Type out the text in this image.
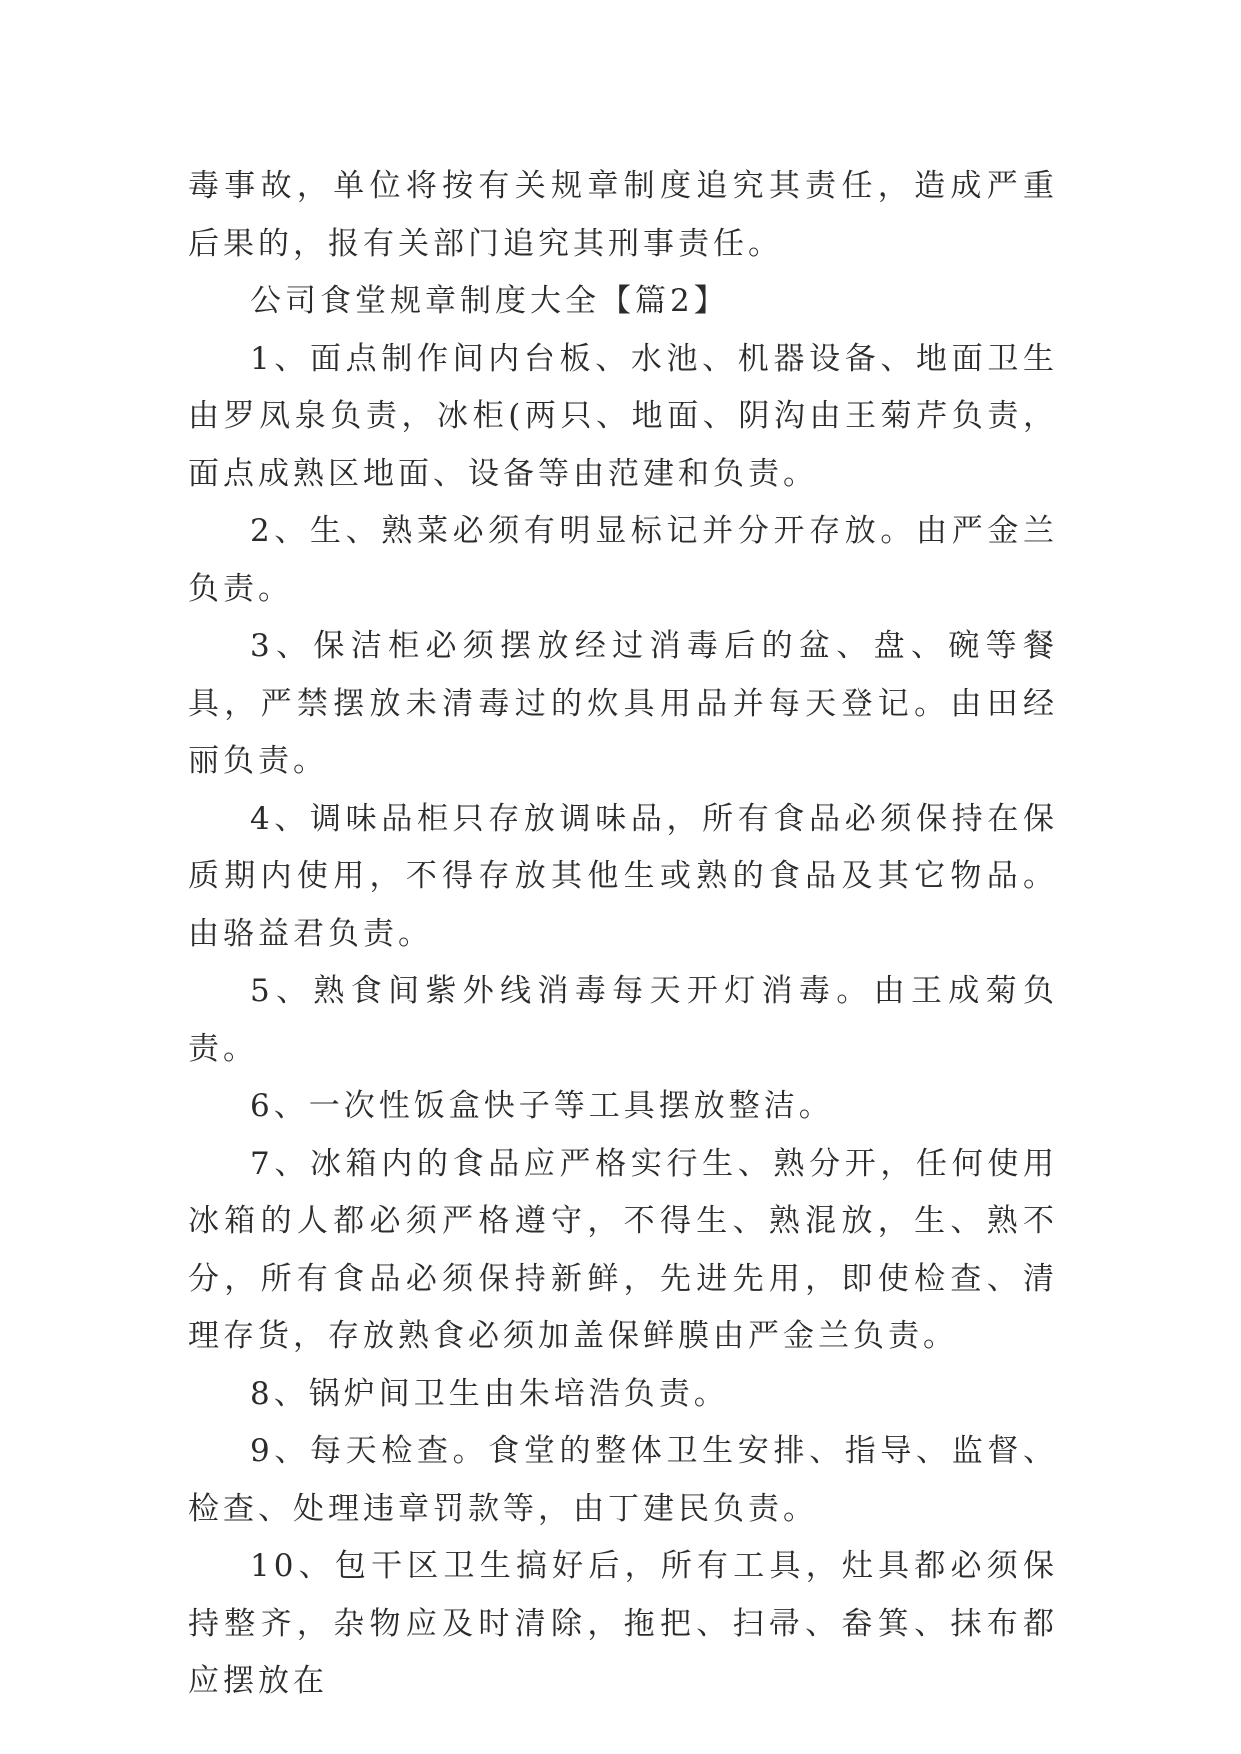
毒事故，单位将按有关规章制度追究其责任，造成严重后果的，报有关部门追究其刑事责任。

公司食堂规章制度大全【篇2】

1、面点制作间内台板、水池、机器设备、地面卫生由罗凤泉负责，冰柜(两只、地面、阴沟由王菊芹负责，面点成熟区地面、设备等由范建和负责。

2、生、熟菜必须有明显标记并分开存放。由严金兰负责。

3、保洁柜必须摆放经过消毒后的盆、盘、碗等餐具，严禁摆放未清毒过的炊具用品并每天登记。由田经丽负责。

4、调味品柜只存放调味品，所有食品必须保持在保质期内使用，不得存放其他生或熟的食品及其它物品。由骆益君负责。

5、熟食间紫外线消毒每天开灯消毒。由王成菊负责。

6、一次性饭盒快子等工具摆放整洁。

7、冰箱内的食品应严格实行生、熟分开，任何使用冰箱的人都必须严格遵守，不得生、熟混放，生、熟不分，所有食品必须保持新鲜，先进先用，即使检查、清理存货，存放熟食必须加盖保鲜膜由严金兰负责。

8、锅炉间卫生由朱培浩负责。

9、每天检查。食堂的整体卫生安排、指导、监督、检查、处理违章罚款等，由丁建民负责。

10、包干区卫生搞好后，所有工具，灶具都必须保持整齐，杂物应及时清除，拖把、扫帚、畚箕、抹布都应摆放在
